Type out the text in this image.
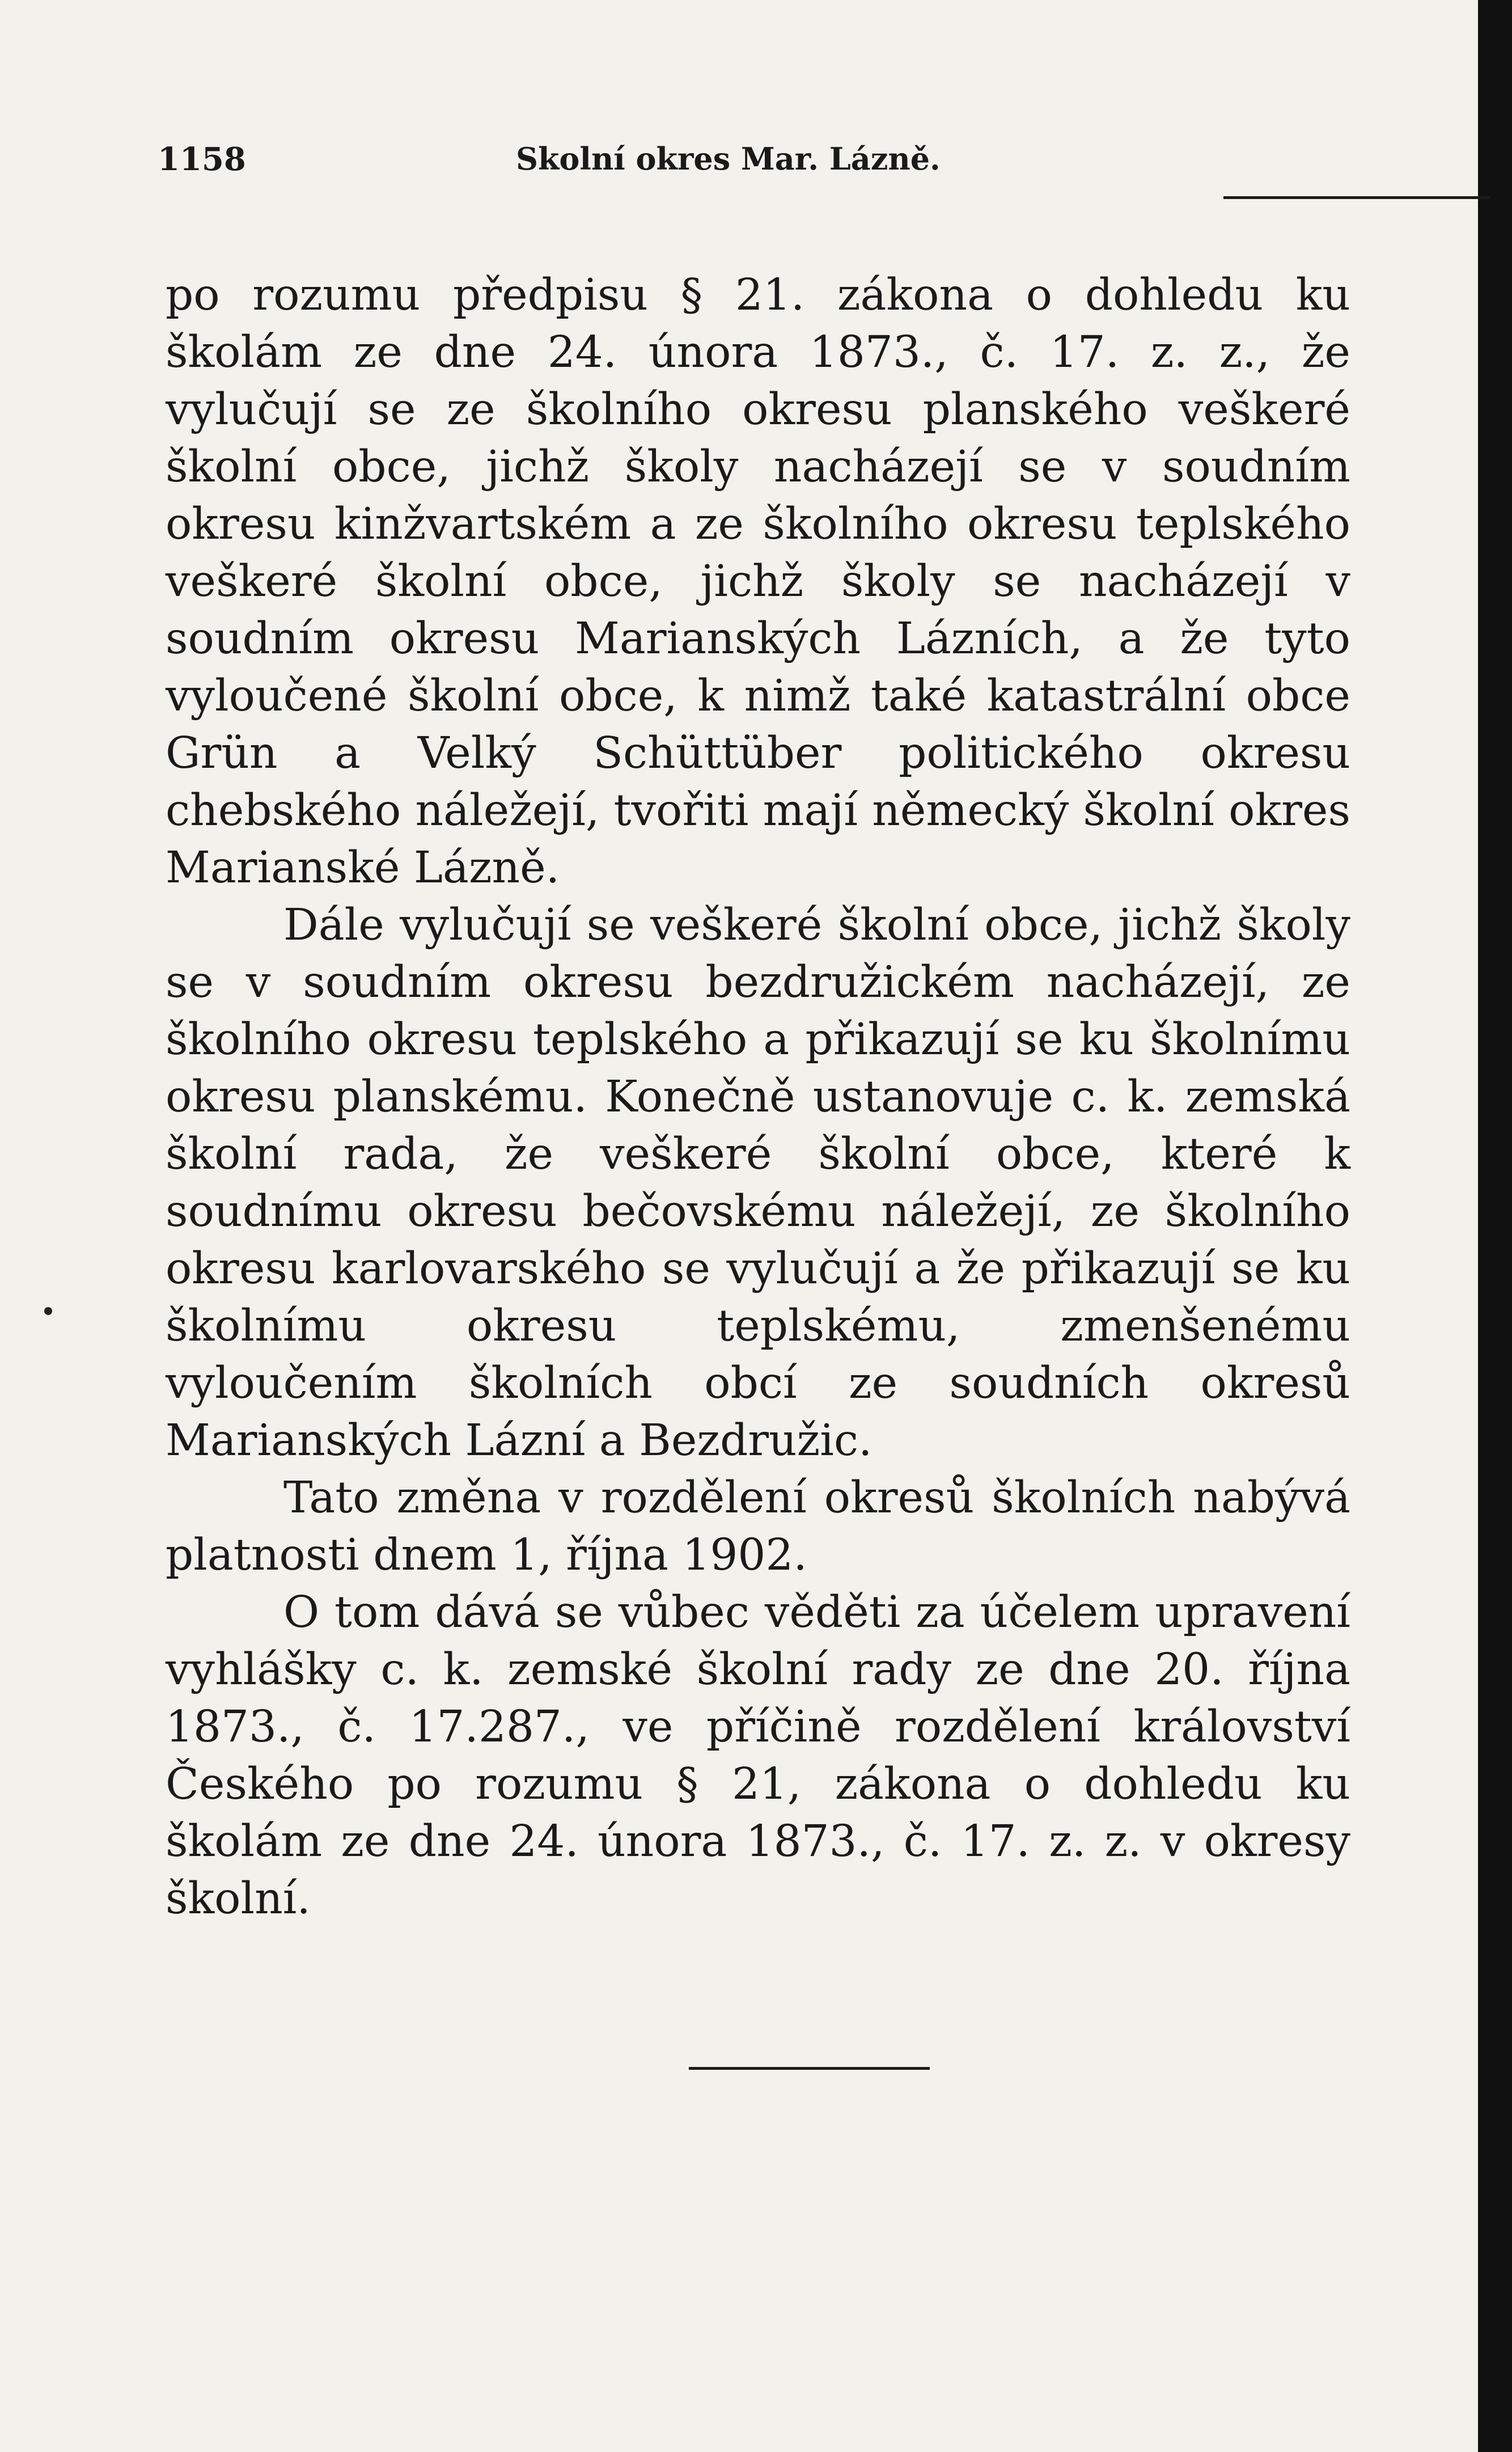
1158	Skolní okres Mar. Lázně.

po rozumu předpisu § 21. zákona o dohledu ku školám ze dne 24. února 1873., č. 17. z. z., že vylučují se ze školního okresu planského veškeré školní obce, jichž školy nacházejí se v soudním okresu kinžvartském a ze školního okresu teplského veškeré školní obce, jichž školy se nacházejí v soudním okresu Marianských Lázních, a že tyto vyloučené školní obce, k nimž také katastrální obce Grün a Velký Schüttüber politického okresu chebského náležejí, tvořiti mají německý školní okres Marianské Lázně.

Dále vylučují se veškeré školní obce, jichž školy se v soudním okresu bezdružickém nacházejí, ze školního okresu teplského a přikazují se ku školnímu okresu planskému. Konečně ustanovuje c. k. zemská školní rada, že veškeré školní obce, které k soudnímu okresu bečovskému náležejí, ze školního okresu karlovarského se vylučují a že přikazují se ku školnímu okresu teplskému, zmenšenému vyloučením školních obcí ze soudních okresů Marianských Lázní a Bezdružic.

Tato změna v rozdělení okresů školních nabývá platnosti dnem 1, října 1902.

O tom dává se vůbec věděti za účelem upravení vyhlášky c. k. zemské školní rady ze dne 20. října 1873., č. 17.287., ve příčině rozdělení království Českého po rozumu § 21, zákona o dohledu ku školám ze dne 24. února 1873., č. 17. z. z. v okresy školní.
